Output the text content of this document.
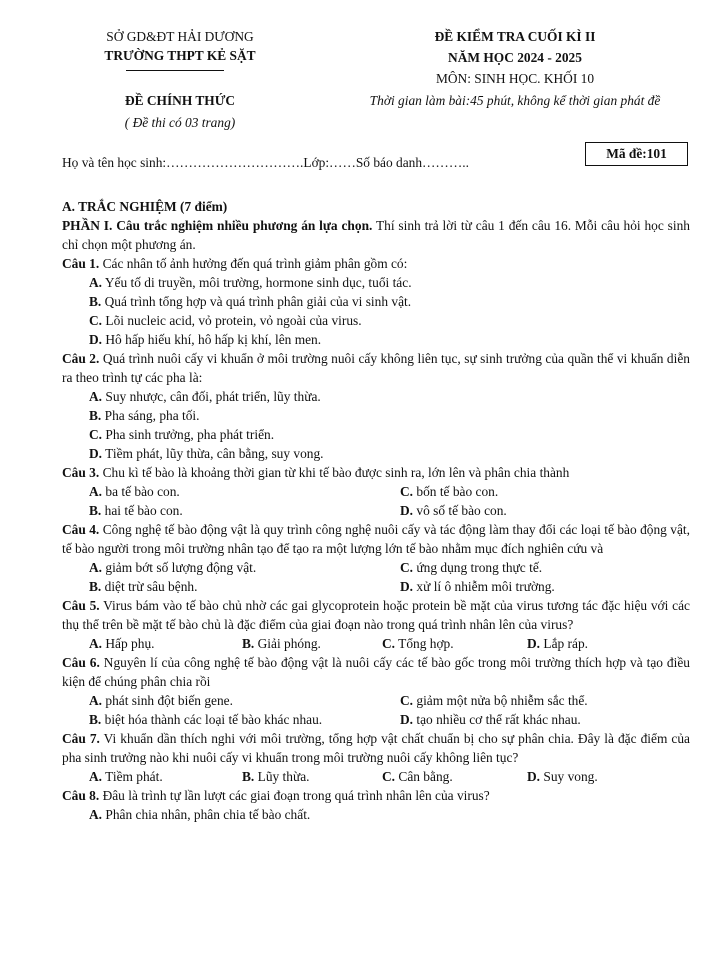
SỞ GD&ĐT HẢI DƯƠNG
TRƯỜNG THPT KẺ SẶT
ĐỀ KIỂM TRA CUỐI KÌ II
NĂM HỌC 2024 - 2025
MÔN: SINH HỌC. KHỐI 10
ĐỀ CHÍNH THỨC	Thời gian làm bài:45 phút, không kể thời gian phát đề
( Đề thi có 03 trang)
Họ và tên học sinh:………………………….Lớp:……Số báo danh………..
Mã đề:101
A. TRẮC NGHIỆM (7 điểm)
PHẦN I. Câu trắc nghiệm nhiều phương án lựa chọn. Thí sinh trả lời từ câu 1 đến câu 16. Mỗi câu hỏi học sinh chỉ chọn một phương án.
Câu 1. Các nhân tố ảnh hưởng đến quá trình giảm phân gồm có:
A. Yếu tố di truyền, môi trường, hormone sinh dục, tuổi tác.
B. Quá trình tổng hợp và quá trình phân giải của vi sinh vật.
C. Lõi nucleic acid, vỏ protein, vỏ ngoài của virus.
D. Hô hấp hiếu khí, hô hấp kị khí, lên men.
Câu 2. Quá trình nuôi cấy vi khuẩn ở môi trường nuôi cấy không liên tục, sự sinh trưởng của quần thể vi khuẩn diễn ra theo trình tự các pha là:
A. Suy nhược, cân đối, phát triển, lũy thừa.
B. Pha sáng, pha tối.
C. Pha sinh trưởng, pha phát triển.
D. Tiềm phát, lũy thừa, cân bằng, suy vong.
Câu 3. Chu kì tế bào là khoảng thời gian từ khi tế bào được sinh ra, lớn lên và phân chia thành
A. ba tế bào con.	C. bốn tế bào con.
B. hai tế bào con.	D. vô số tế bào con.
Câu 4. Công nghệ tế bào động vật là quy trình công nghệ nuôi cấy và tác động làm thay đổi các loại tế bào động vật, tế bào người trong môi trường nhân tạo để tạo ra một lượng lớn tế bào nhằm mục đích nghiên cứu và
A. giảm bớt số lượng động vật.	C. ứng dụng trong thực tế.
B. diệt trừ sâu bệnh.	D. xử lí ô nhiễm môi trường.
Câu 5. Virus bám vào tế bào chủ nhờ các gai glycoprotein hoặc protein bề mặt của virus tương tác đặc hiệu với các thụ thể trên bề mặt tế bào chủ là đặc điểm của giai đoạn nào trong quá trình nhân lên của virus?
A. Hấp phụ.	B. Giải phóng.	C. Tổng hợp.	D. Lắp ráp.
Câu 6. Nguyên lí của công nghệ tế bào động vật là nuôi cấy các tế bào gốc trong môi trường thích hợp và tạo điều kiện để chúng phân chia rồi
A. phát sinh đột biến gene.	C. giảm một nửa bộ nhiễm sắc thể.
B. biệt hóa thành các loại tế bào khác nhau.	D. tạo nhiều cơ thể rất khác nhau.
Câu 7. Vi khuẩn dần thích nghi với môi trường, tổng hợp vật chất chuẩn bị cho sự phân chia. Đây là đặc điểm của pha sinh trưởng nào khi nuôi cấy vi khuẩn trong môi trường nuôi cấy không liên tục?
A. Tiềm phát.	B. Lũy thừa.	C. Cân bằng.	D. Suy vong.
Câu 8. Đâu là trình tự lần lượt các giai đoạn trong quá trình nhân lên của virus?
A. Phân chia nhân, phân chia tế bào chất.
